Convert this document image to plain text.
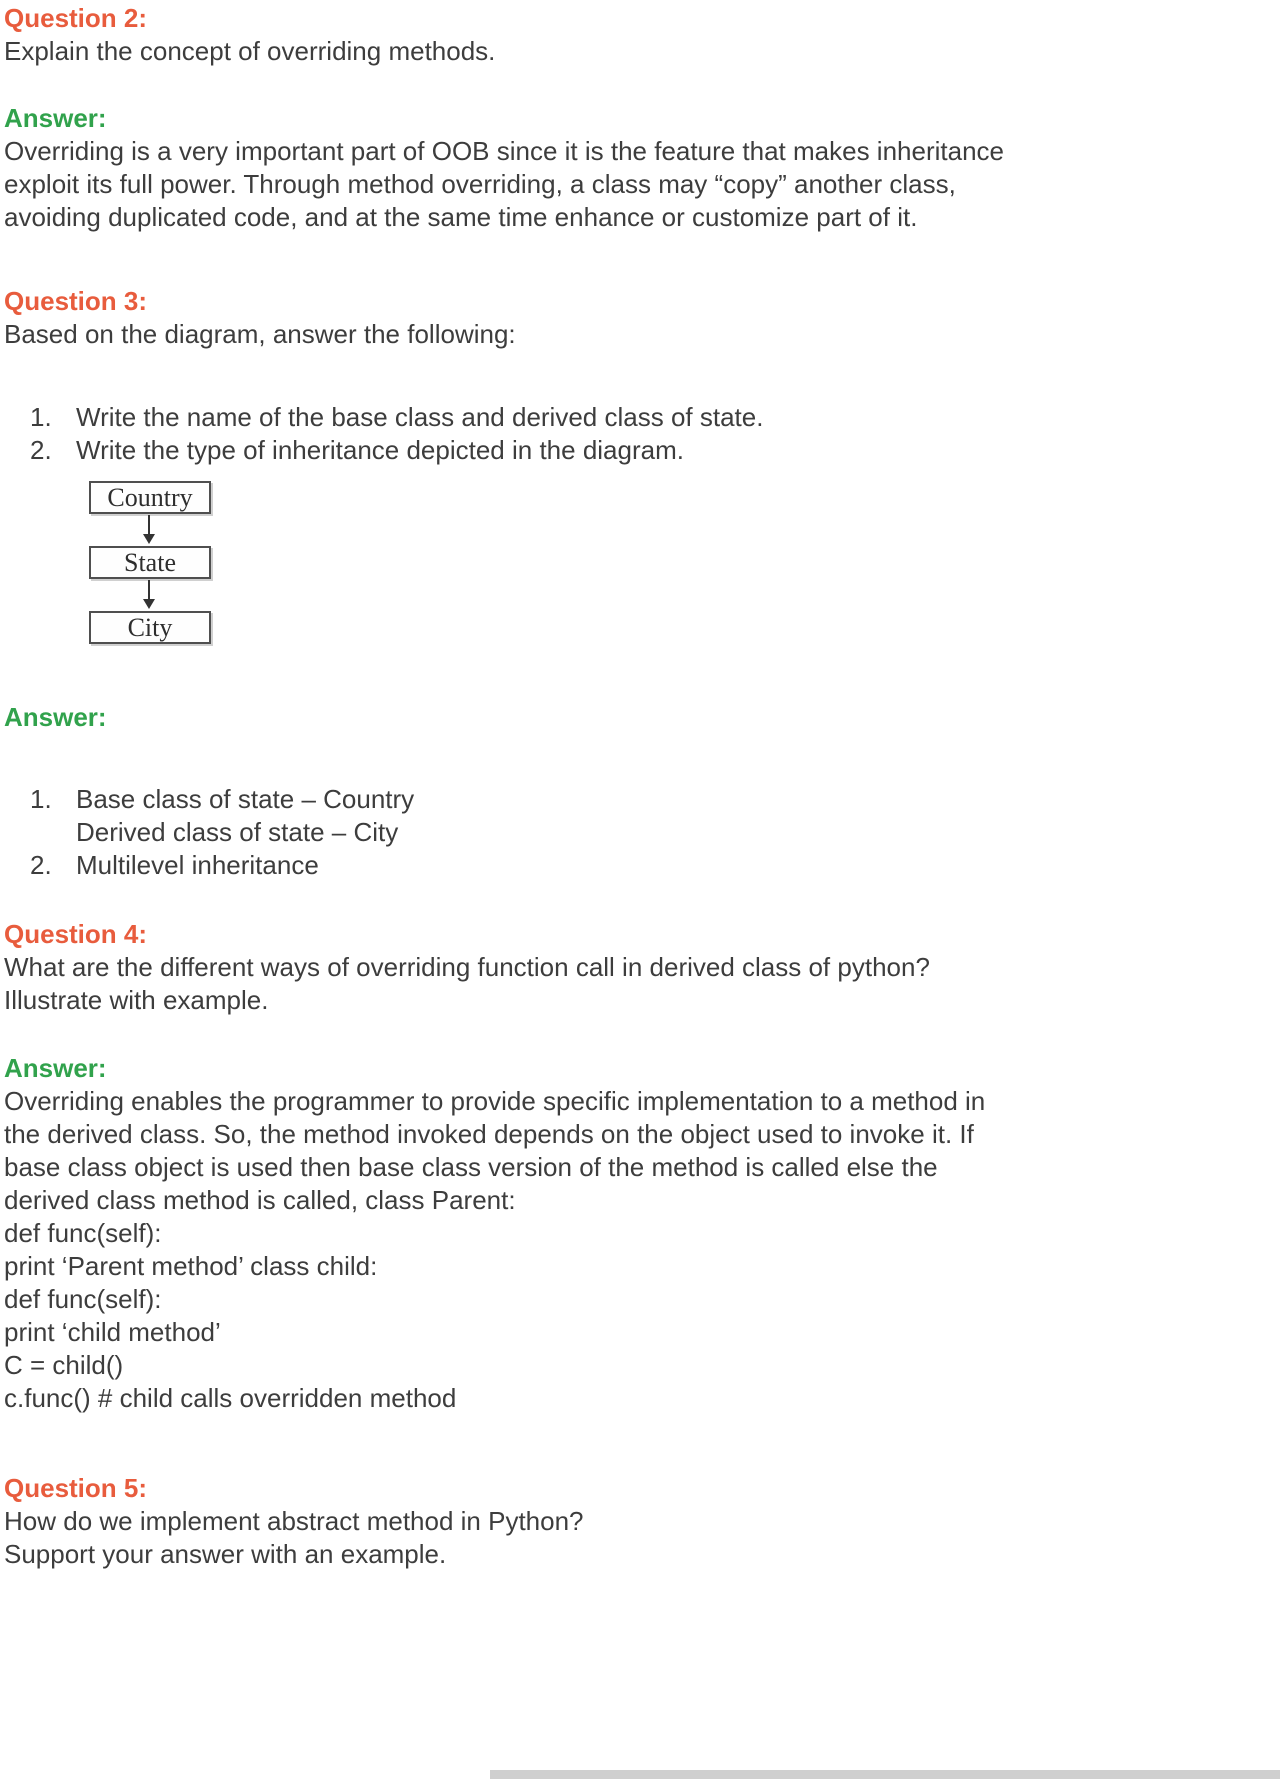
Question 2:

Explain the concept of overriding methods.

Answer:
Overriding is a very important part of OOB since it is the feature that makes inheritance
exploit its full power. Through method overriding, a class may “copy” another class,
avoiding duplicated code, and at the same time enhance or customize part of it.
Question 3:

Based on the diagram, answer the following:

1. Write the name of the base class and derived class of state.
2. Write the type of inheritance depicted in the diagram.
Country
State
City
Answer:
1. Base class of state – Country
Derived class of state – City
2. Multilevel inheritance
Question 4:
What are the different ways of overriding function call in derived class of python?
Illustrate with example.
Answer:
Overriding enables the programmer to provide specific implementation to a method in
the derived class. So, the method invoked depends on the object used to invoke it. If
base class object is used then base class version of the method is called else the
derived class method is called, class Parent:
def func(self):
print ‘Parent method’ class child:
def func(self):
print ‘child method’
C = child()
c.func() # child calls overridden method
Question 5:
How do we implement abstract method in Python?
Support your answer with an example.
